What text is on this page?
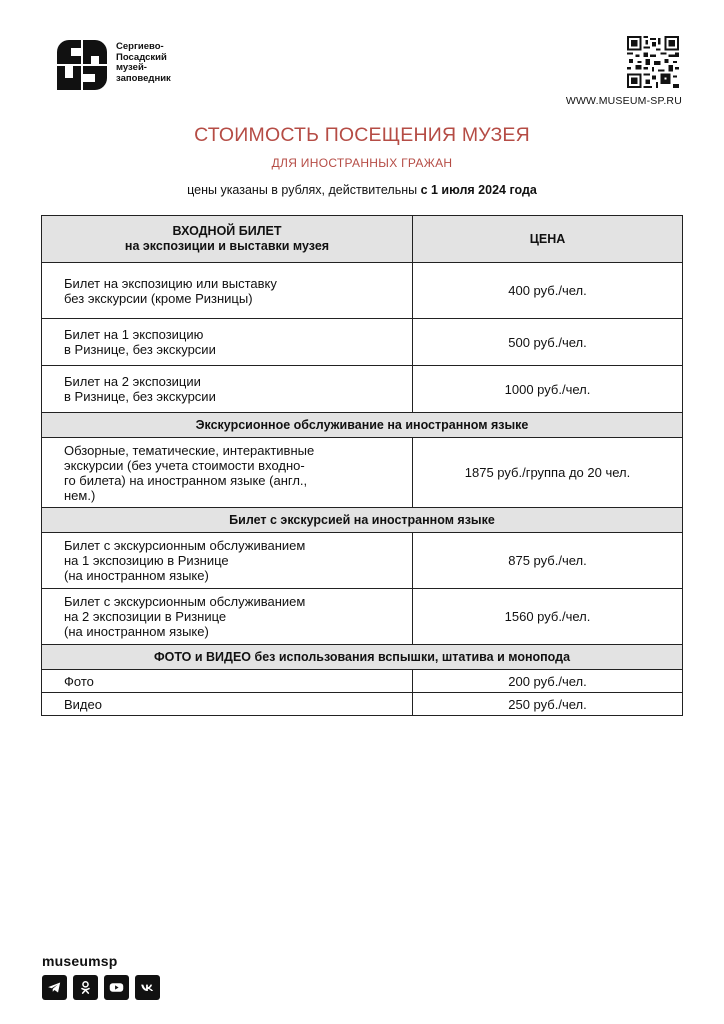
Сергиево-
Посадский
музей-
заповедник
WWW.MUSEUM-SP.RU
СТОИМОСТЬ ПОСЕЩЕНИЯ МУЗЕЯ
ДЛЯ ИНОСТРАННЫХ ГРАЖАН
цены указаны в рублях, действительны с 1 июля 2024 года
ВХОДНОЙ БИЛЕТ
на экспозиции и выставки музея	ЦЕНА
Билет на экспозицию или выставку
без экскурсии (кроме Ризницы)	400 руб./чел.
Билет на 1 экспозицию
в Ризнице, без экскурсии	500 руб./чел.
Билет на 2 экспозиции
в Ризнице, без экскурсии	1000 руб./чел.
Экскурсионное обслуживание на иностранном языке	
Обзорные, тематические, интерактивные
экскурсии (без учета стоимости входно-
го билета) на иностранном языке (англ.,
нем.)	1875 руб./группа до 20 чел.
Билет с экскурсией на иностранном языке	
Билет с экскурсионным обслуживанием
на 1 экспозицию в Ризнице
(на иностранном языке)	875 руб./чел.
Билет с экскурсионным обслуживанием
на 2 экспозиции в Ризнице
(на иностранном языке)	1560 руб./чел.
ФОТО и ВИДЕО без использования вспышки, штатива и монопода	
Фото	200 руб./чел.
Видео	250 руб./чел.
museumsp
